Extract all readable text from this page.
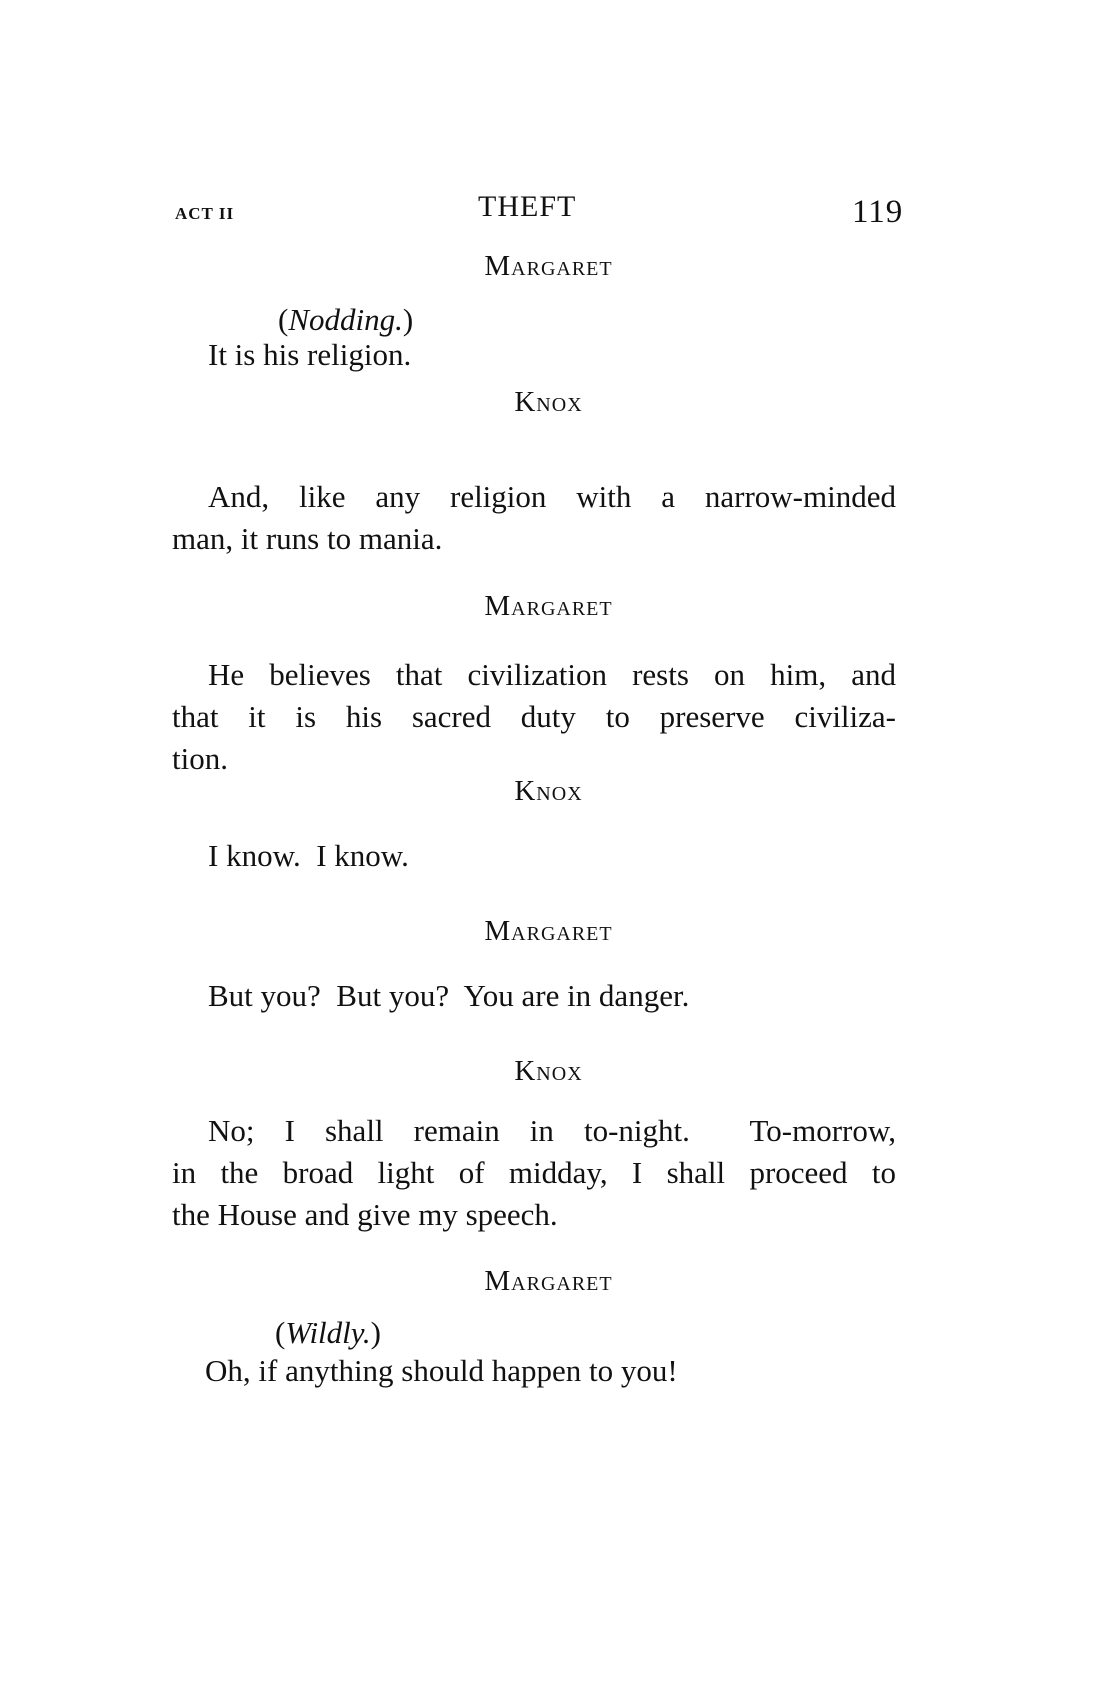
ACT II	THEFT	119
Margaret
(Nodding.)
It is his religion.
Knox
And, like any religion with a narrow-minded
man, it runs to mania.
Margaret
He believes that civilization rests on him, and
that it is his sacred duty to preserve civiliza-
tion.
Knox
I know.  I know.
Margaret
But you?  But you?  You are in danger.
Knox
No; I shall remain in to-night.  To-morrow,
in the broad light of midday, I shall proceed to
the House and give my speech.
Margaret
(Wildly.)
Oh, if anything should happen to you!
